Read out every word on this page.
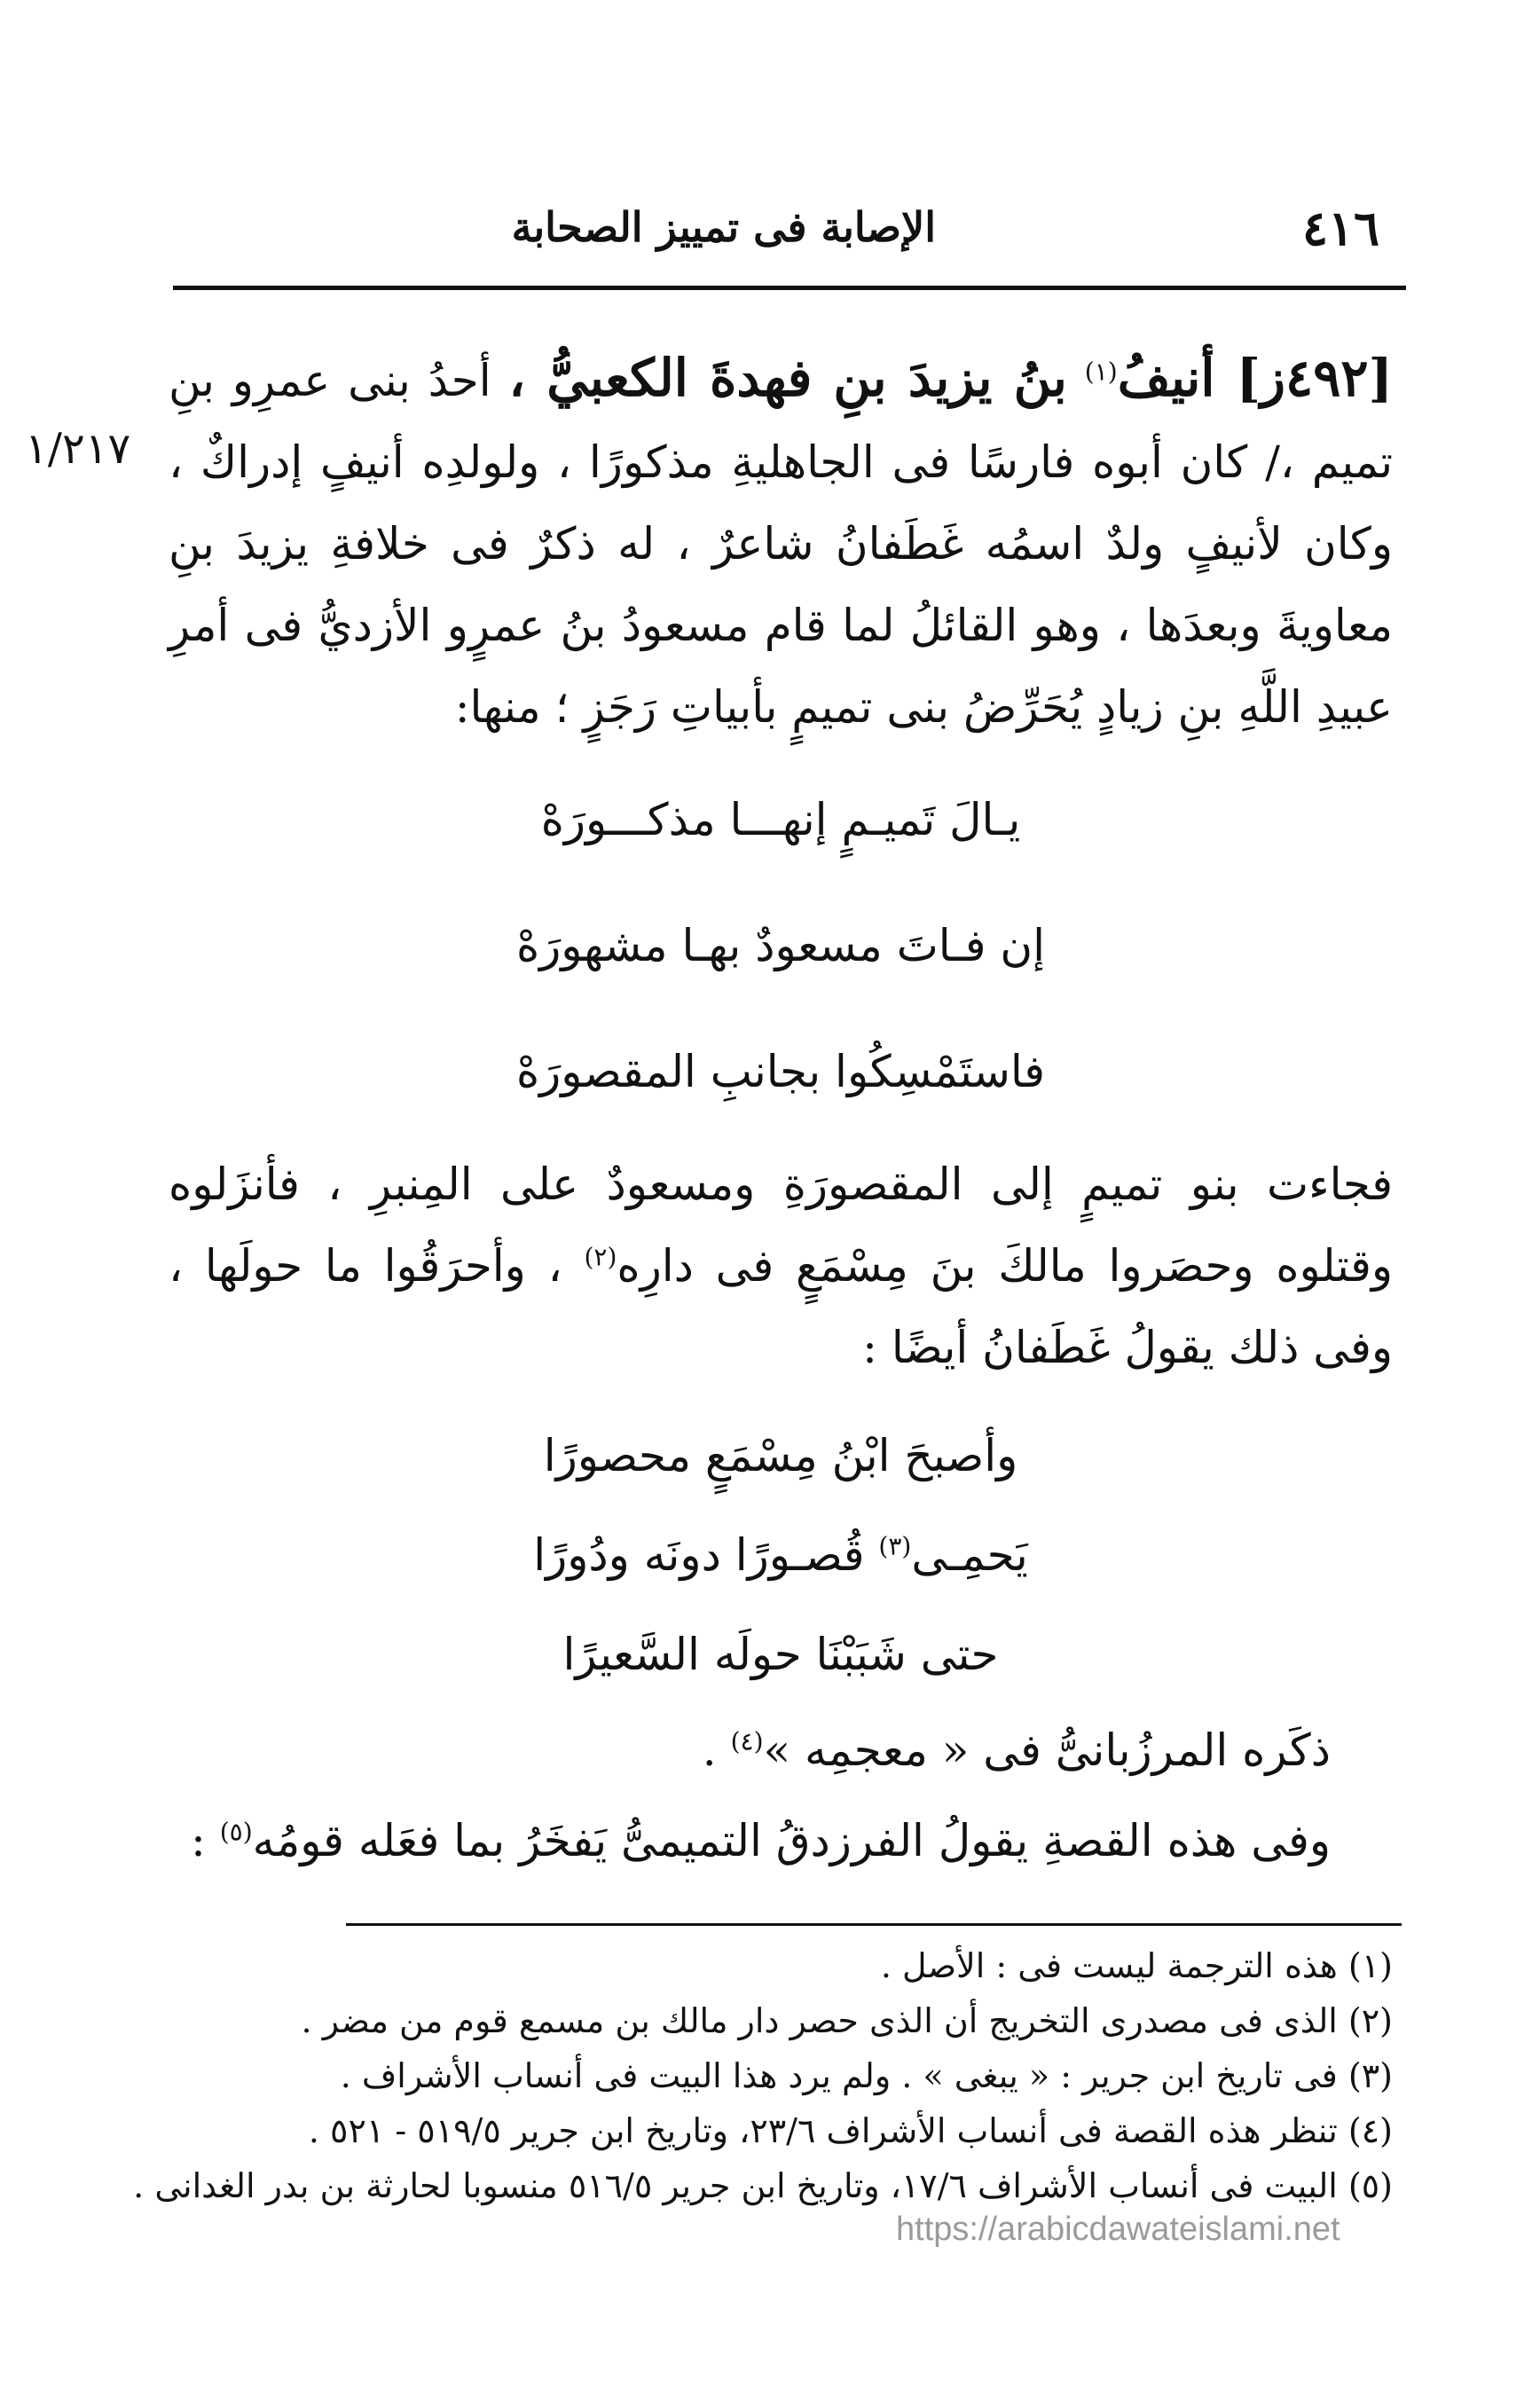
٤١٦
الإصابة فى تمييز الصحابة
١/٢١٧

[٤٩٢ز] أنيفُ$^{(١)}$ بنُ يزيدَ بنِ فهدةَ الكعبيُّ ، أحدُ بنى عمرِو بنِ تميم ،/ كان أبوه فارسًا فى الجاهليةِ مذكورًا ، ولولدِه أنيفٍ إدراكٌ ، وكان لأنيفٍ ولدٌ اسمُه غَطَفانُ شاعرٌ ، له ذكرٌ فى خلافةِ يزيدَ بنِ معاويةَ وبعدَها ، وهو القائلُ لما قام مسعودُ بنُ عمرٍو الأزديُّ فى أمرِ عبيدِ اللَّهِ بنِ زيادٍ يُحَرِّضُ بنى تميمٍ بأبياتِ رَجَزٍ ؛ منها:

يـالَ تَميـمٍ إنهـــا مذكـــورَهْ

إن فـاتَ مسعودٌ بهـا مشهورَهْ

فاستَمْسِكُوا بجانبِ المقصورَهْ

فجاءت بنو تميمٍ إلى المقصورَةِ ومسعودٌ على المِنبرِ ، فأنزَلوه وقتلوه وحصَروا مالكَ بنَ مِسْمَعٍ فى دارِه$^{(٢)}$ ، وأحرَقُوا ما حولَها ، وفى ذلك يقولُ غَطَفانُ أيضًا :

وأصبحَ ابْنُ مِسْمَعٍ محصورًا

يَحمِـى$^{(٣)}$ قُصـورًا دونَه ودُورًا

حتى شَبَبْنَا حولَه السَّعيرًا

ذكَره المرزُبانىُّ فى « معجمِه »$^{(٤)}$ .

وفى هذه القصةِ يقولُ الفرزدقُ التميمىُّ يَفخَرُ بما فعَله قومُه$^{(٥)}$ :

(١) هذه الترجمة ليست فى : الأصل .

(٢) الذى فى مصدرى التخريج أن الذى حصر دار مالك بن مسمع قوم من مضر .

(٣) فى تاريخ ابن جرير : « يبغى » . ولم يرد هذا البيت فى أنساب الأشراف .

(٤) تنظر هذه القصة فى أنساب الأشراف ٢٣/٦، وتاريخ ابن جرير ٥١٩/٥ - ٥٢١ .

(٥) البيت فى أنساب الأشراف ١٧/٦، وتاريخ ابن جرير ٥١٦/٥ منسوبا لحارثة بن بدر الغدانى .

https://arabicdawateislami.net
